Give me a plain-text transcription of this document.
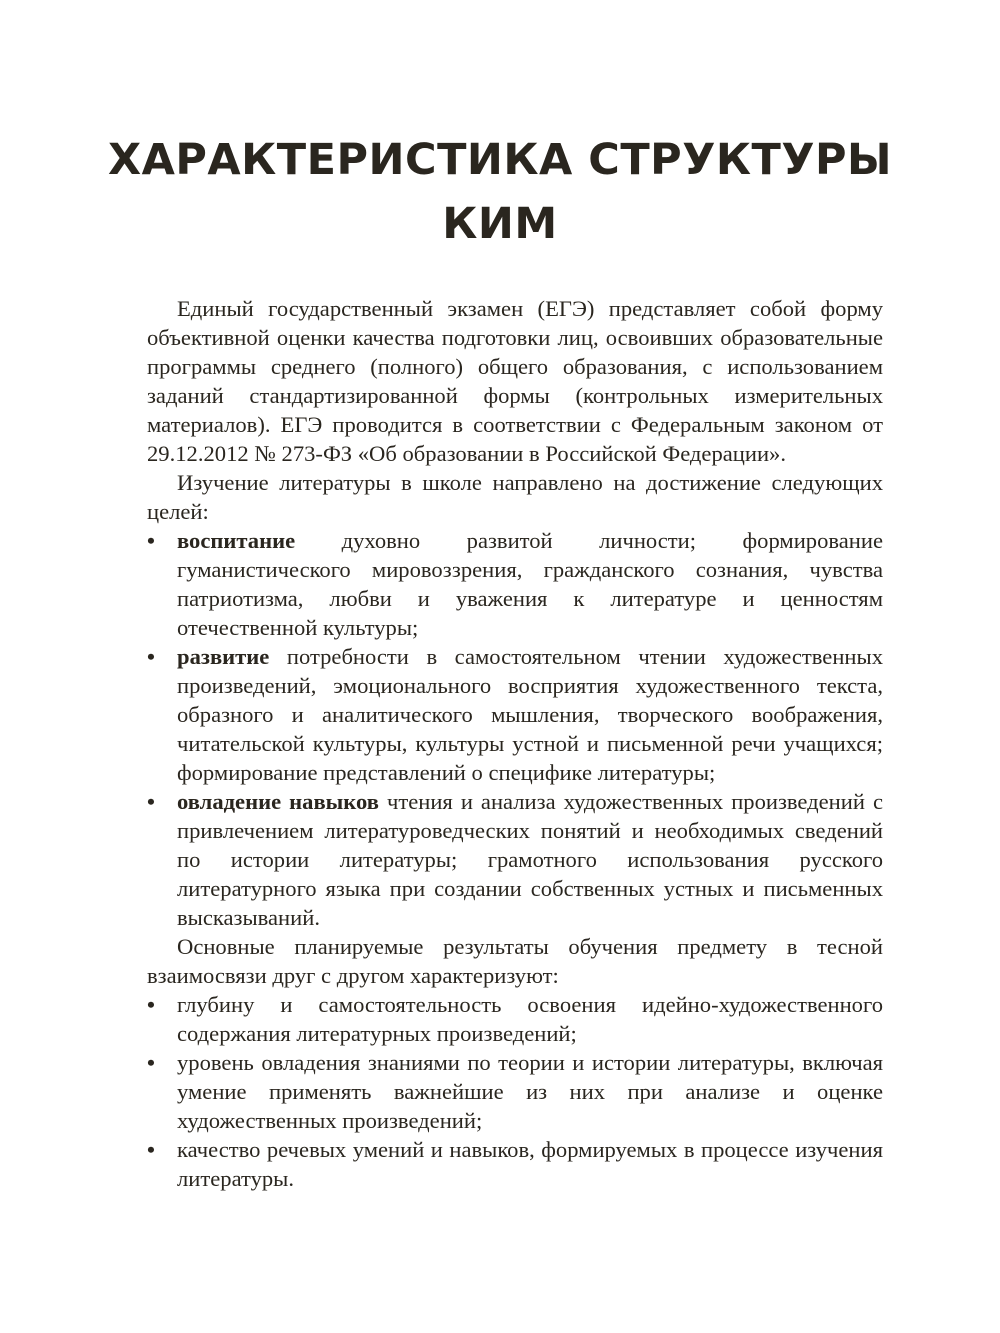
ХАРАКТЕРИСТИКА СТРУКТУРЫ
КИМ

Единый государственный экзамен (ЕГЭ) представляет собой форму объективной оценки качества подготовки лиц, освоивших образовательные программы среднего (полного) общего образования, с использованием заданий стандартизированной формы (контрольных измерительных материалов). ЕГЭ проводится в соответствии с Федеральным законом от 29.12.2012 № 273-ФЗ «Об образовании в Российской Федерации».

Изучение литературы в школе направлено на достижение следующих целей:

• воспитание духовно развитой личности; формирование гуманистического мировоззрения, гражданского сознания, чувства патриотизма, любви и уважения к литературе и ценностям отечественной культуры;
• развитие потребности в самостоятельном чтении художественных произведений, эмоционального восприятия художественного текста, образного и аналитического мышления, творческого воображения, читательской культуры, культуры устной и письменной речи учащихся; формирование представлений о специфике литературы;
• овладение навыков чтения и анализа художественных произведений с привлечением литературоведческих понятий и необходимых сведений по истории литературы; грамотного использования русского литературного языка при создании собственных устных и письменных высказываний.

Основные планируемые результаты обучения предмету в тесной взаимосвязи друг с другом характеризуют:

• глубину и самостоятельность освоения идейно-художественного содержания литературных произведений;
• уровень овладения знаниями по теории и истории литературы, включая умение применять важнейшие из них при анализе и оценке художественных произведений;
• качество речевых умений и навыков, формируемых в процессе изучения литературы.
